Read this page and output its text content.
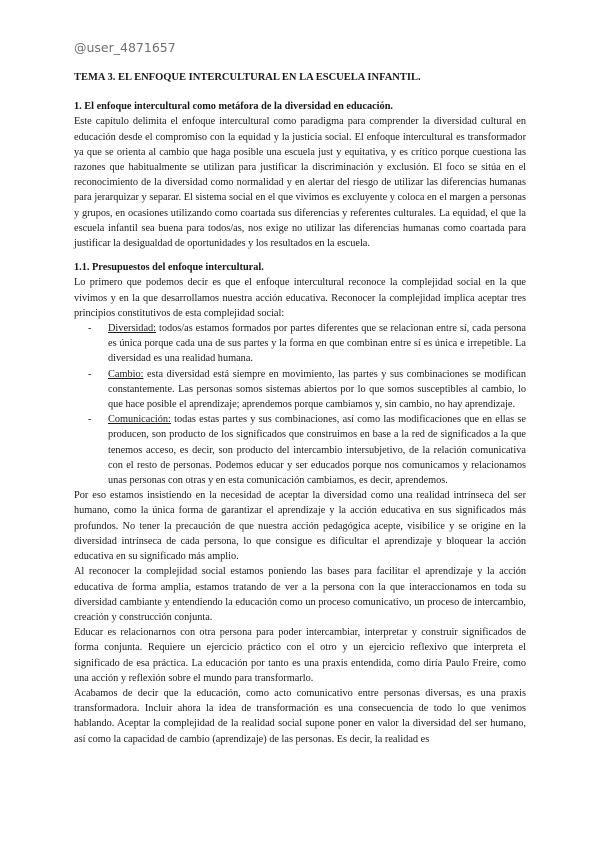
@user_4871657

TEMA 3. EL ENFOQUE INTERCULTURAL EN LA ESCUELA INFANTIL.

1. El enfoque intercultural como metáfora de la diversidad en educación.

Este capítulo delimita el enfoque intercultural como paradigma para comprender la diversidad cultural en educación desde el compromiso con la equidad y la justicia social. El enfoque intercultural es transformador ya que se orienta al cambio que haga posible una escuela just y equitativa, y es crítico porque cuestiona las razones que habitualmente se utilizan para justificar la discriminación y exclusión. El foco se sitúa en el reconocimiento de la diversidad como normalidad y en alertar del riesgo de utilizar las diferencias humanas para jerarquizar y separar. El sistema social en el que vivimos es excluyente y coloca en el margen a personas y grupos, en ocasiones utilizando como coartada sus diferencias y referentes culturales. La equidad, el que la escuela infantil sea buena para todos/as, nos exige no utilizar las diferencias humanas como coartada para justificar la desigualdad de oportunidades y los resultados en la escuela.

1.1. Presupuestos del enfoque intercultural.

Lo primero que podemos decir es que el enfoque intercultural reconoce la complejidad social en la que vivimos y en la que desarrollamos nuestra acción educativa. Reconocer la complejidad implica aceptar tres principios constitutivos de esta complejidad social:

- Diversidad: todos/as estamos formados por partes diferentes que se relacionan entre sí, cada persona es única porque cada una de sus partes y la forma en que combinan entre sí es única e irrepetible. La diversidad es una realidad humana.
- Cambio: esta diversidad está siempre en movimiento, las partes y sus combinaciones se modifican constantemente. Las personas somos sistemas abiertos por lo que somos susceptibles al cambio, lo que hace posible el aprendizaje; aprendemos porque cambiamos y, sin cambio, no hay aprendizaje.
- Comunicación: todas estas partes y sus combinaciones, así como las modificaciones que en ellas se producen, son producto de los significados que construimos en base a la red de significados a la que tenemos acceso, es decir, son producto del intercambio intersubjetivo, de la relación comunicativa con el resto de personas. Podemos educar y ser educados porque nos comunicamos y relacionamos unas personas con otras y en esta comunicación cambiamos, es decir, aprendemos.

Por eso estamos insistiendo en la necesidad de aceptar la diversidad como una realidad intrínseca del ser humano, como la única forma de garantizar el aprendizaje y la acción educativa en sus significados más profundos. No tener la precaución de que nuestra acción pedagógica acepte, visibilice y se origine en la diversidad intrínseca de cada persona, lo que consigue es dificultar el aprendizaje y bloquear la acción educativa en su significado más amplio.

Al reconocer la complejidad social estamos poniendo las bases para facilitar el aprendizaje y la acción educativa de forma amplia, estamos tratando de ver a la persona con la que interaccionamos en toda su diversidad cambiante y entendiendo la educación como un proceso comunicativo, un proceso de intercambio, creación y construcción conjunta.

Educar es relacionarnos con otra persona para poder intercambiar, interpretar y construir significados de forma conjunta. Requiere un ejercicio práctico con el otro y un ejercicio reflexivo que interpreta el significado de esa práctica. La educación por tanto es una praxis entendida, como diría Paulo Freire, como una acción y reflexión sobre el mundo para transformarlo.

Acabamos de decir que la educación, como acto comunicativo entre personas diversas, es una praxis transformadora. Incluir ahora la idea de transformación es una consecuencia de todo lo que venimos hablando. Aceptar la complejidad de la realidad social supone poner en valor la diversidad del ser humano, así como la capacidad de cambio (aprendizaje) de las personas. Es decir, la realidad es
